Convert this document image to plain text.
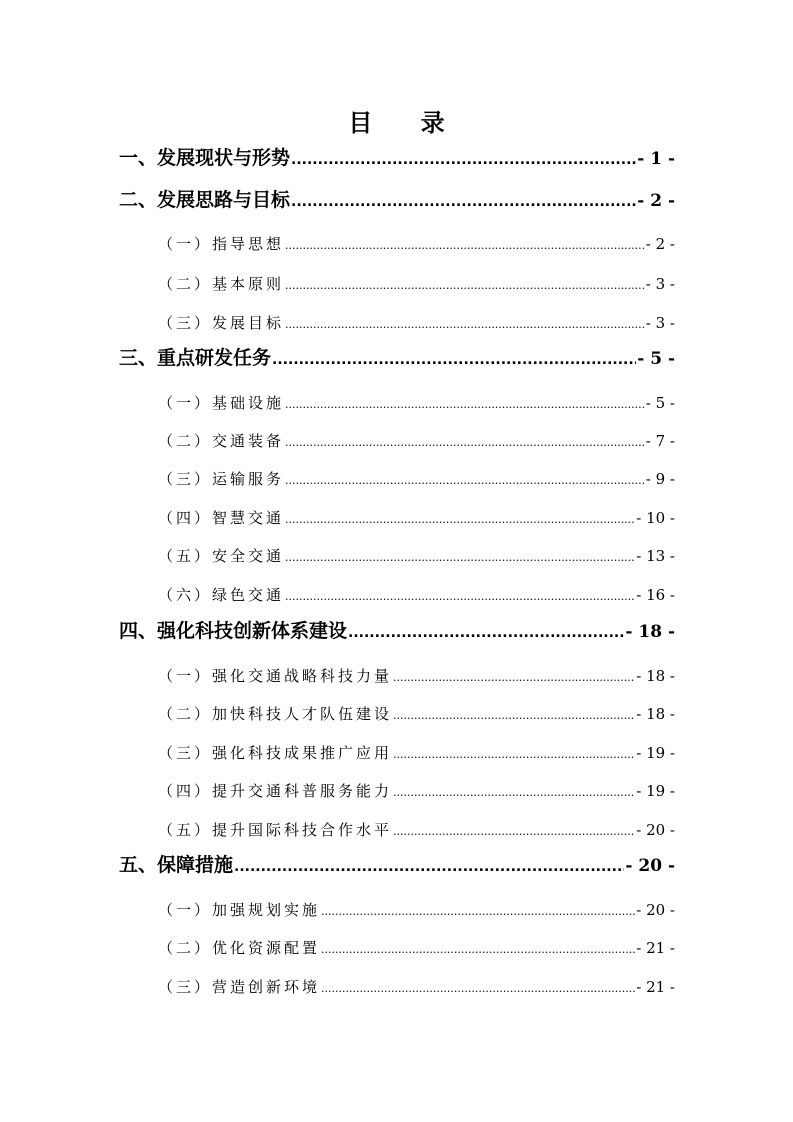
目 录
一、发展现状与形势 .....	- 1 -
二、发展思路与目标 .....	- 2 -
（一）指导思想 .....	- 2 -
（二）基本原则 .....	- 3 -
（三）发展目标 .....	- 3 -
三、重点研发任务 .....	- 5 -
（一）基础设施 .....	- 5 -
（二）交通装备 .....	- 7 -
（三）运输服务 .....	- 9 -
（四）智慧交通 .....	- 10 -
（五）安全交通 .....	- 13 -
（六）绿色交通 .....	- 16 -
四、强化科技创新体系建设 .....	- 18 -
（一）强化交通战略科技力量 .....	- 18 -
（二）加快科技人才队伍建设 .....	- 18 -
（三）强化科技成果推广应用 .....	- 19 -
（四）提升交通科普服务能力 .....	- 19 -
（五）提升国际科技合作水平 .....	- 20 -
五、保障措施 .....	- 20 -
（一）加强规划实施 .....	- 20 -
（二）优化资源配置 .....	- 21 -
（三）营造创新环境 .....	- 21 -
